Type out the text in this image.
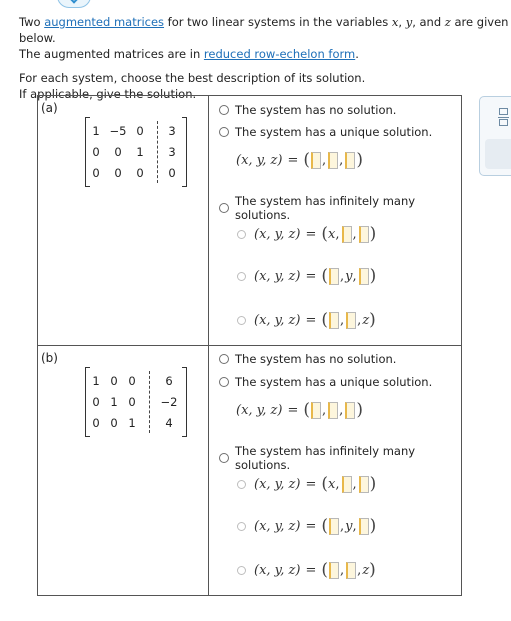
Two augmented matrices for two linear systems in the variables x, y, and z are given below.

The augmented matrices are in reduced row-echelon form.

For each system, choose the best description of its solution.

If applicable, give the solution.

(a)
1 −5 0	3
0	0	1	3
0	0	0	0
The system has no solution.
The system has a unique solution.
(x, y, z) = ( , , )
The system has infinitely many solutions.
(x, y, z) = ( x , , )
(x, y, z) = ( , y , )
(x, y, z) = ( , , z )
(b)
1 0 0	6
0 1 0	−2
0 0 1	4
The system has no solution.
The system has a unique solution.
(x, y, z) = ( , , )
The system has infinitely many solutions.
(x, y, z) = ( x , , )
(x, y, z) = ( , y , )
(x, y, z) = ( , , z )
